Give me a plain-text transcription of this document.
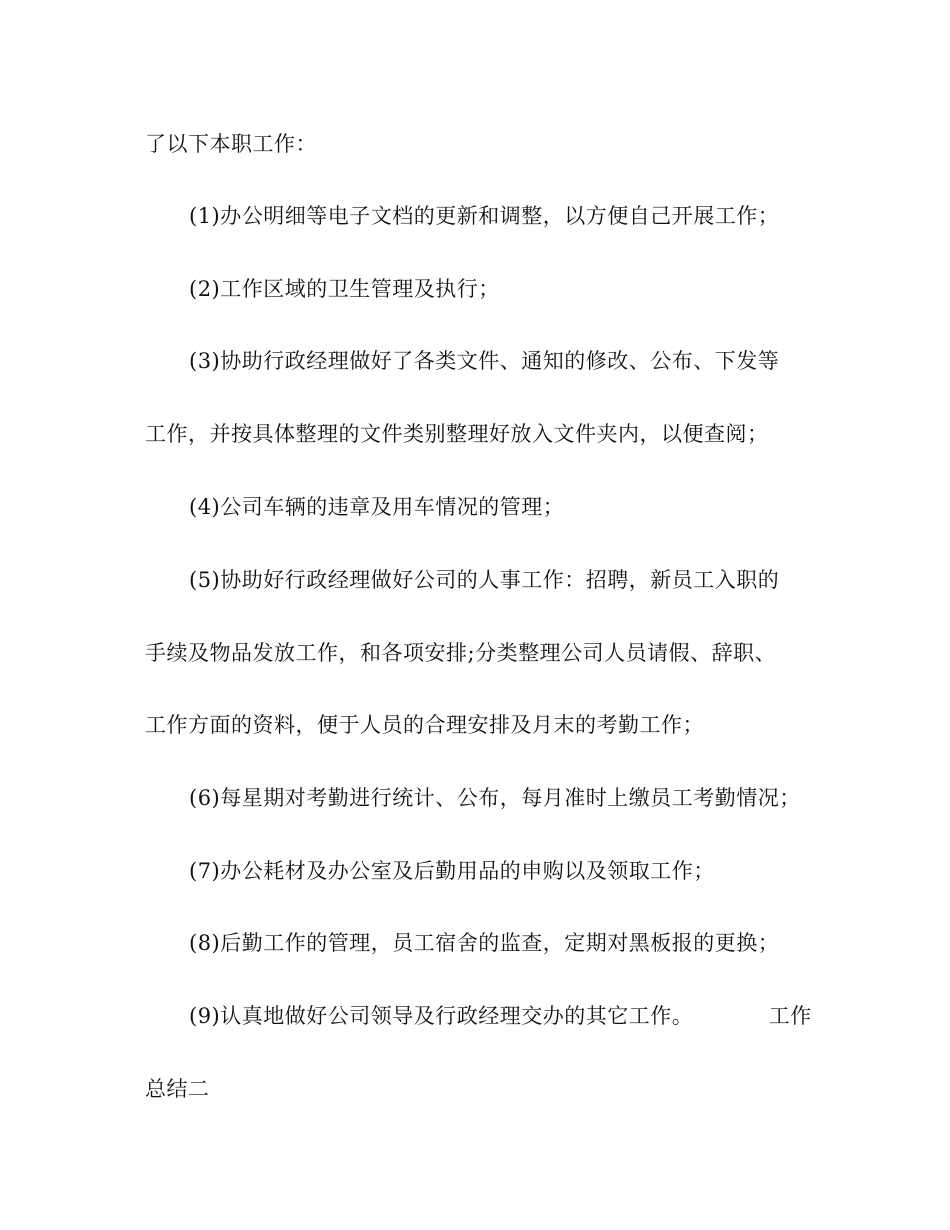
了以下本职工作：
(1)办公明细等电子文档的更新和调整，以方便自己开展工作；
(2)工作区域的卫生管理及执行；
(3)协助行政经理做好了各类文件、通知的修改、公布、下发等
工作，并按具体整理的文件类别整理好放入文件夹内，以便查阅；
(4)公司车辆的违章及用车情况的管理；
(5)协助好行政经理做好公司的人事工作：招聘，新员工入职的
手续及物品发放工作，和各项安排;分类整理公司人员请假、辞职、
工作方面的资料，便于人员的合理安排及月末的考勤工作；
(6)每星期对考勤进行统计、公布，每月准时上缴员工考勤情况；
(7)办公耗材及办公室及后勤用品的申购以及领取工作；
(8)后勤工作的管理，员工宿舍的监查，定期对黑板报的更换；
(9)认真地做好公司领导及行政经理交办的其它工作。　　　　工作
总结二
